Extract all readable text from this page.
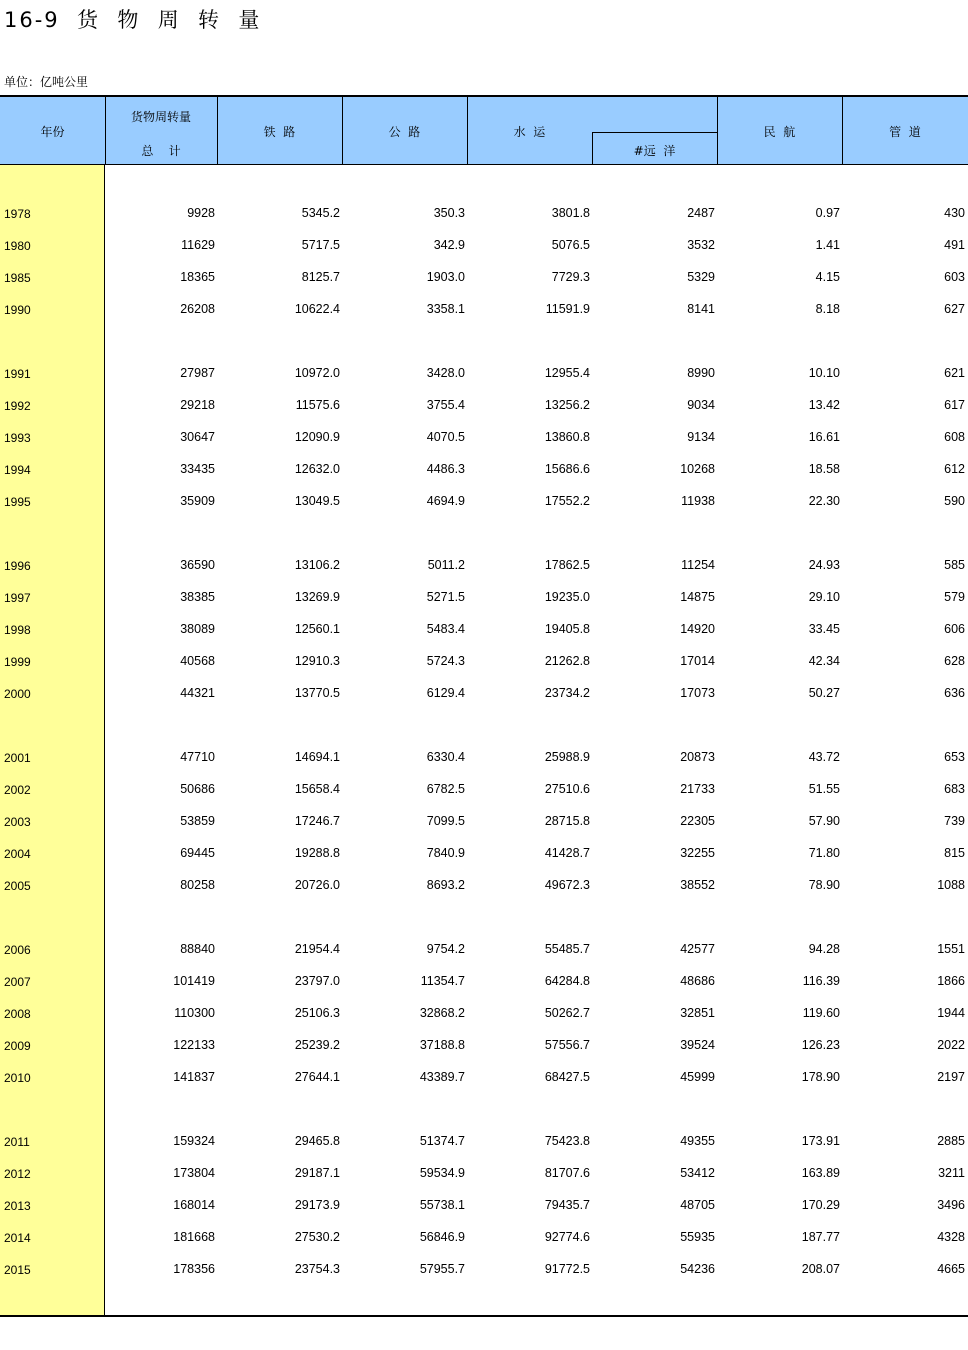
16-9  货  物  周  转  量
单位：亿吨公里
年份
货物周转量
总    计
铁  路	公  路	水  运
#远  洋
民  航	管  道
1978	9928	5345.2	350.3	3801.8	2487	0.97	430
1980	11629	5717.5	342.9	5076.5	3532	1.41	491
1985	18365	8125.7	1903.0	7729.3	5329	4.15	603
1990	26208	10622.4	3358.1	11591.9	8141	8.18	627
1991	27987	10972.0	3428.0	12955.4	8990	10.10	621
1992	29218	11575.6	3755.4	13256.2	9034	13.42	617
1993	30647	12090.9	4070.5	13860.8	9134	16.61	608
1994	33435	12632.0	4486.3	15686.6	10268	18.58	612
1995	35909	13049.5	4694.9	17552.2	11938	22.30	590
1996	36590	13106.2	5011.2	17862.5	11254	24.93	585
1997	38385	13269.9	5271.5	19235.0	14875	29.10	579
1998	38089	12560.1	5483.4	19405.8	14920	33.45	606
1999	40568	12910.3	5724.3	21262.8	17014	42.34	628
2000	44321	13770.5	6129.4	23734.2	17073	50.27	636
2001	47710	14694.1	6330.4	25988.9	20873	43.72	653
2002	50686	15658.4	6782.5	27510.6	21733	51.55	683
2003	53859	17246.7	7099.5	28715.8	22305	57.90	739
2004	69445	19288.8	7840.9	41428.7	32255	71.80	815
2005	80258	20726.0	8693.2	49672.3	38552	78.90	1088
2006	88840	21954.4	9754.2	55485.7	42577	94.28	1551
2007	101419	23797.0	11354.7	64284.8	48686	116.39	1866
2008	110300	25106.3	32868.2	50262.7	32851	119.60	1944
2009	122133	25239.2	37188.8	57556.7	39524	126.23	2022
2010	141837	27644.1	43389.7	68427.5	45999	178.90	2197
2011	159324	29465.8	51374.7	75423.8	49355	173.91	2885
2012	173804	29187.1	59534.9	81707.6	53412	163.89	3211
2013	168014	29173.9	55738.1	79435.7	48705	170.29	3496
2014	181668	27530.2	56846.9	92774.6	55935	187.77	4328
2015	178356	23754.3	57955.7	91772.5	54236	208.07	4665
